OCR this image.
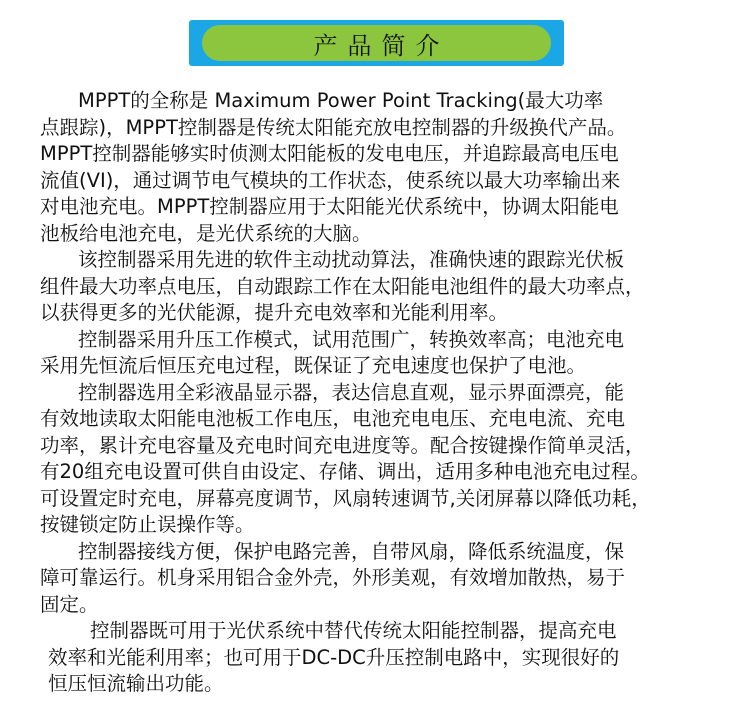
产品简介
MPPT的全称是 Maximum Power Point Tracking(最大功率
点跟踪)，MPPT控制器是传统太阳能充放电控制器的升级换代产品。
MPPT控制器能够实时侦测太阳能板的发电电压，并追踪最高电压电
流值(VI)，通过调节电气模块的工作状态，使系统以最大功率输出来
对电池充电。MPPT控制器应用于太阳能光伏系统中，协调太阳能电
池板给电池充电，是光伏系统的大脑。
该控制器采用先进的软件主动扰动算法，准确快速的跟踪光伏板
组件最大功率点电压，自动跟踪工作在太阳能电池组件的最大功率点，
以获得更多的光伏能源，提升充电效率和光能利用率。
控制器采用升压工作模式，试用范围广，转换效率高；电池充电
采用先恒流后恒压充电过程，既保证了充电速度也保护了电池。
控制器选用全彩液晶显示器，表达信息直观，显示界面漂亮，能
有效地读取太阳能电池板工作电压，电池充电电压、充电电流、充电
功率，累计充电容量及充电时间充电进度等。配合按键操作简单灵活，
有20组充电设置可供自由设定、存储、调出，适用多种电池充电过程。
可设置定时充电，屏幕亮度调节，风扇转速调节,关闭屏幕以降低功耗，
按键锁定防止误操作等。
控制器接线方便，保护电路完善，自带风扇，降低系统温度，保
障可靠运行。机身采用铝合金外壳，外形美观，有效增加散热，易于
固定。
控制器既可用于光伏系统中替代传统太阳能控制器，提高充电
效率和光能利用率；也可用于DC-DC升压控制电路中，实现很好的
恒压恒流输出功能。
